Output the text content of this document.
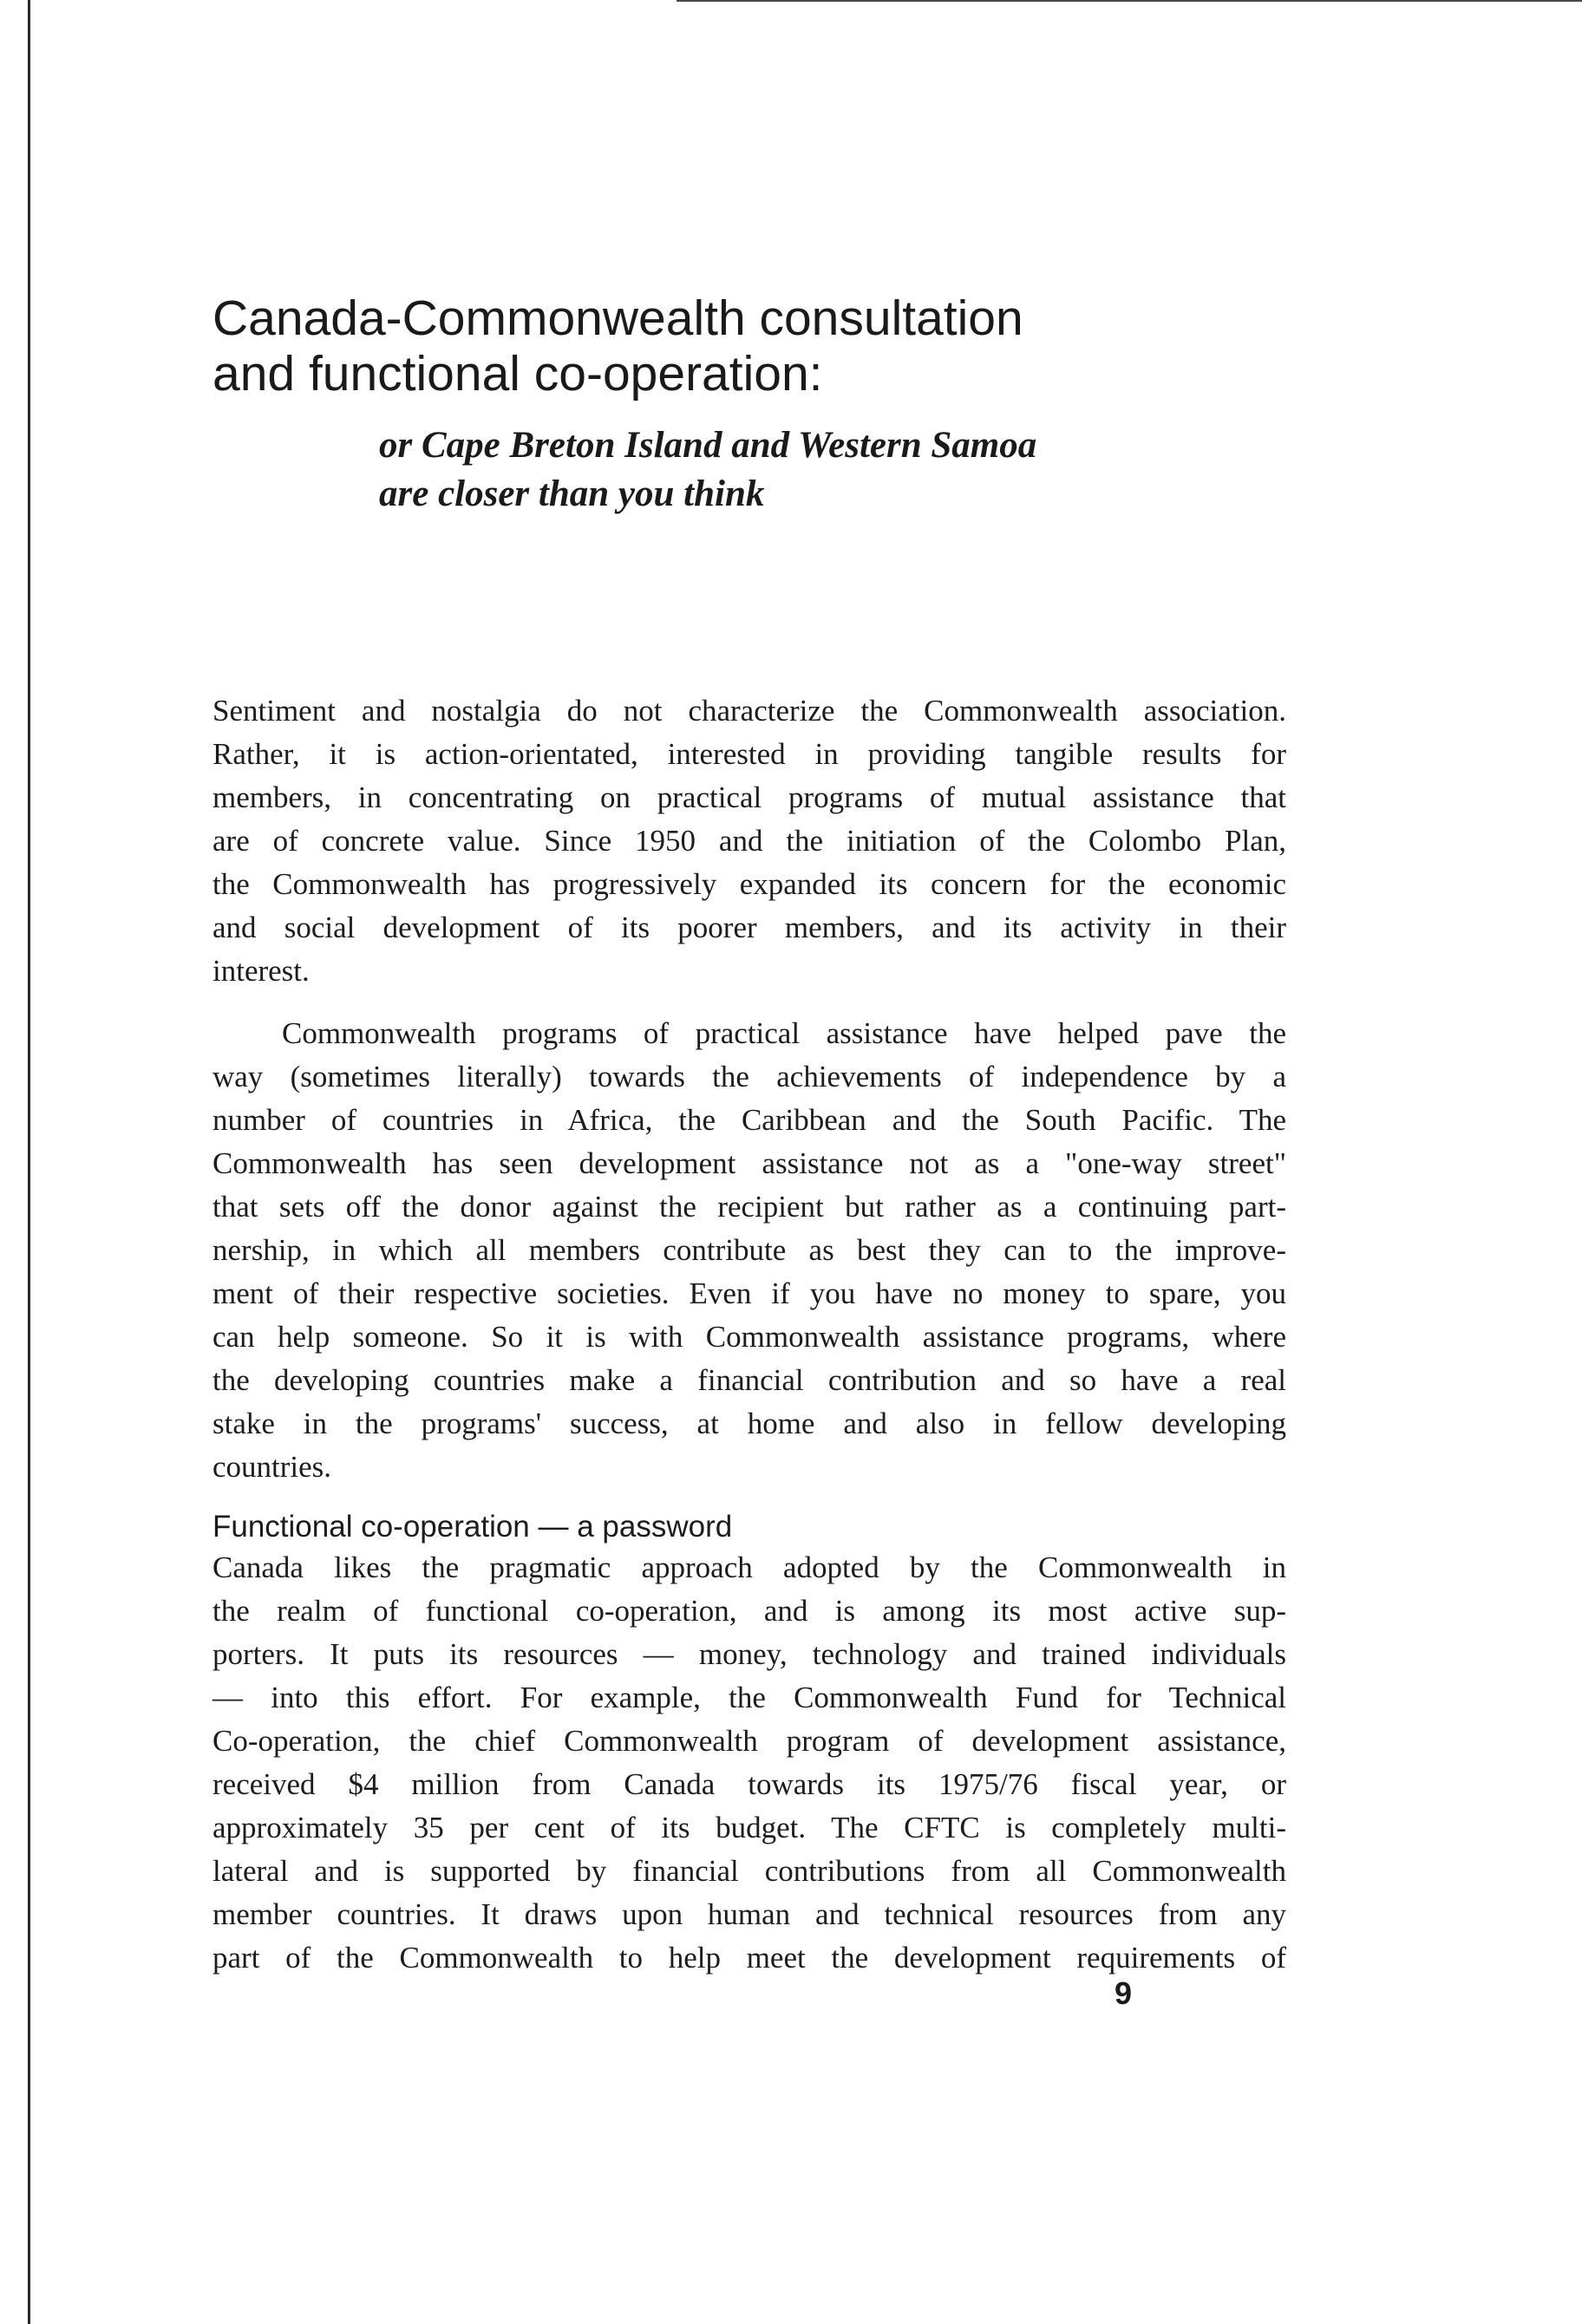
Canada-Commonwealth consultation
and functional co-operation:
or Cape Breton Island and Western Samoa
are closer than you think

Sentiment and nostalgia do not characterize the Commonwealth association.
Rather, it is action-orientated, interested in providing tangible results for
members, in concentrating on practical programs of mutual assistance that
are of concrete value. Since 1950 and the initiation of the Colombo Plan,
the Commonwealth has progressively expanded its concern for the economic
and social development of its poorer members, and its activity in their
interest.

Commonwealth programs of practical assistance have helped pave the
way (sometimes literally) towards the achievements of independence by a
number of countries in Africa, the Caribbean and the South Pacific. The
Commonwealth has seen development assistance not as a "one-way street"
that sets off the donor against the recipient but rather as a continuing part-
nership, in which all members contribute as best they can to the improve-
ment of their respective societies. Even if you have no money to spare, you
can help someone. So it is with Commonwealth assistance programs, where
the developing countries make a financial contribution and so have a real
stake in the programs' success, at home and also in fellow developing
countries.

Functional co-operation — a password

Canada likes the pragmatic approach adopted by the Commonwealth in
the realm of functional co-operation, and is among its most active sup-
porters. It puts its resources — money, technology and trained individuals
— into this effort. For example, the Commonwealth Fund for Technical
Co-operation, the chief Commonwealth program of development assistance,
received $4 million from Canada towards its 1975/76 fiscal year, or
approximately 35 per cent of its budget. The CFTC is completely multi-
lateral and is supported by financial contributions from all Commonwealth
member countries. It draws upon human and technical resources from any
part of the Commonwealth to help meet the development requirements of

9
